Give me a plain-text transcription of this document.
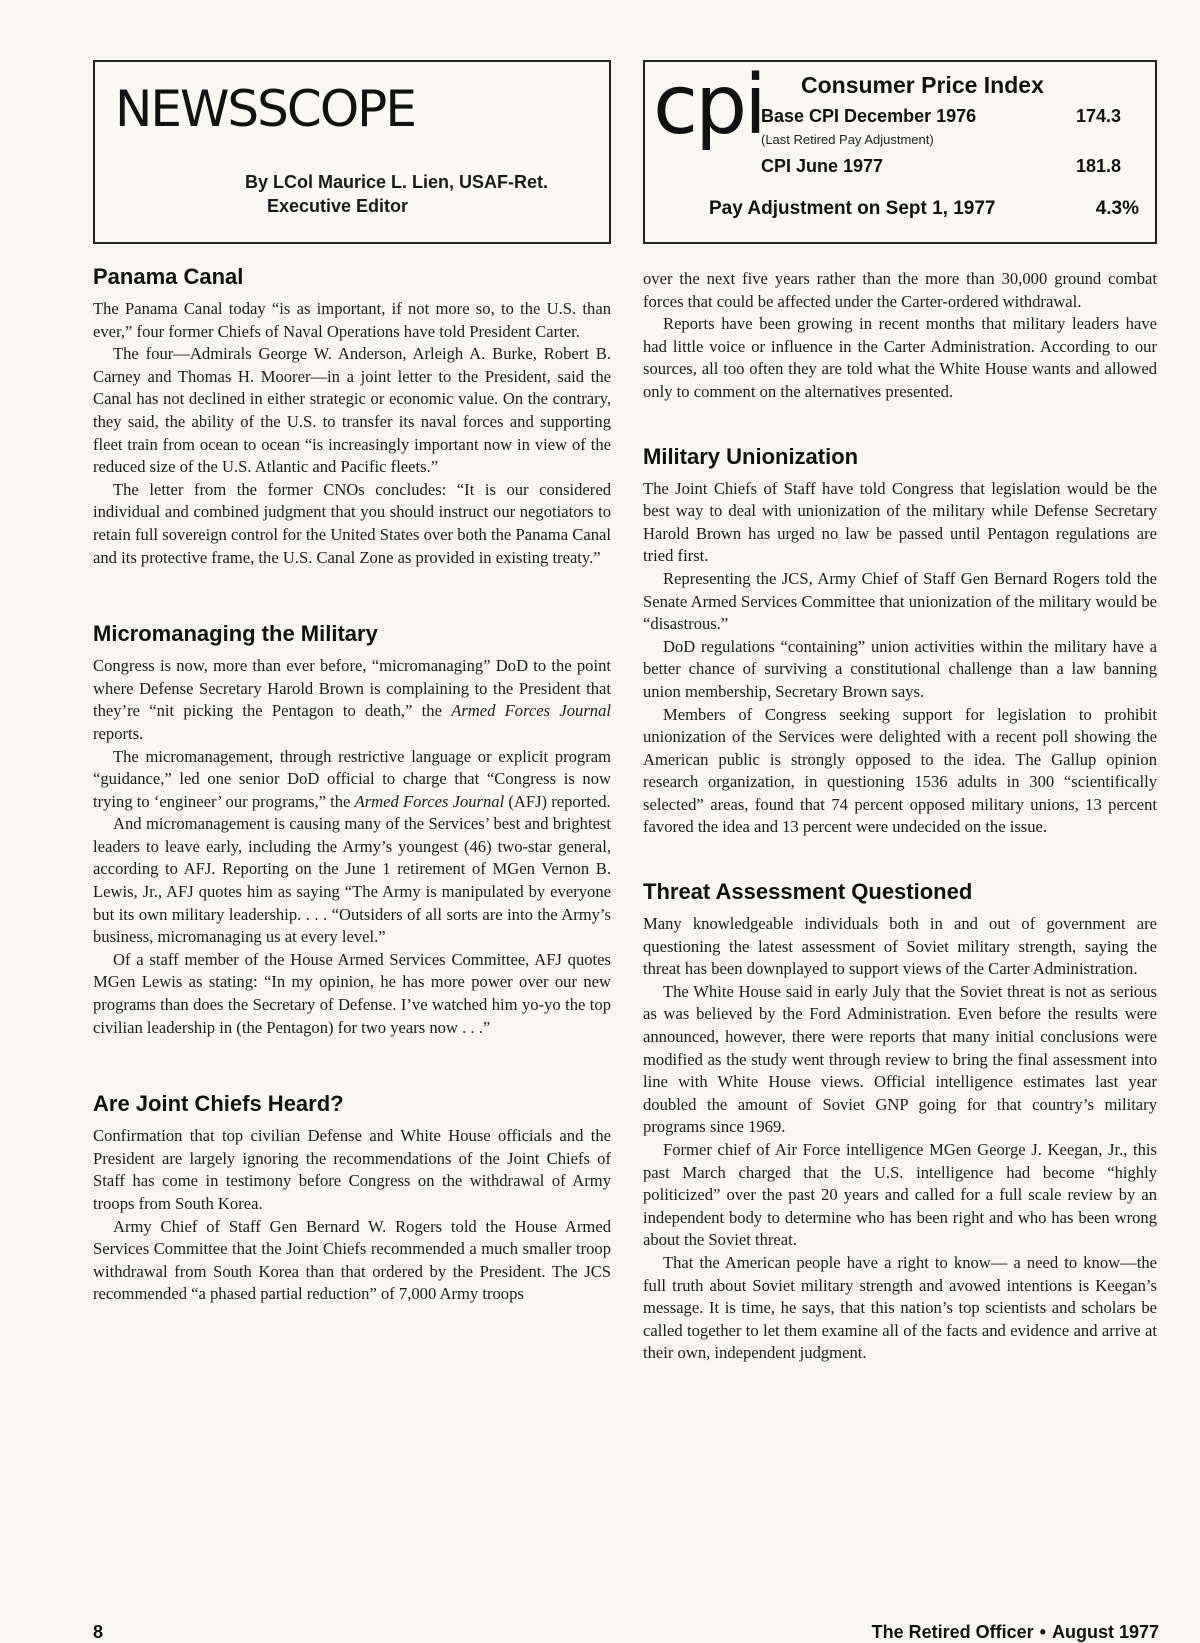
NEWSSCOPE
By LCol Maurice L. Lien, USAF-Ret.
Executive Editor
Panama Canal

The Panama Canal today “is as important, if not more so, to the U.S. than ever,” four former Chiefs of Naval Operations have told President Carter.

The four—Admirals George W. Anderson, Arleigh A. Burke, Robert B. Carney and Thomas H. Moorer—in a joint letter to the President, said the Canal has not declined in either strategic or economic value. On the contrary, they said, the ability of the U.S. to transfer its naval forces and supporting fleet train from ocean to ocean “is increasingly important now in view of the reduced size of the U.S. Atlantic and Pacific fleets.”

The letter from the former CNOs concludes: “It is our considered individual and combined judgment that you should instruct our negotiators to retain full sovereign control for the United States over both the Panama Canal and its protective frame, the U.S. Canal Zone as provided in existing treaty.”

Micromanaging the Military

Congress is now, more than ever before, “micromanaging” DoD to the point where Defense Secretary Harold Brown is complaining to the President that they’re “nit picking the Pentagon to death,” the Armed Forces Journal reports.

The micromanagement, through restrictive language or explicit program “guidance,” led one senior DoD official to charge that “Congress is now trying to ‘engineer’ our programs,” the Armed Forces Journal (AFJ) reported.

And micromanagement is causing many of the Services’ best and brightest leaders to leave early, including the Army’s youngest (46) two-star general, according to AFJ. Reporting on the June 1 retirement of MGen Vernon B. Lewis, Jr., AFJ quotes him as saying “The Army is manipulated by everyone but its own military leadership. . . . “Outsiders of all sorts are into the Army’s business, micromanaging us at every level.”

Of a staff member of the House Armed Services Committee, AFJ quotes MGen Lewis as stating: “In my opinion, he has more power over our new programs than does the Secretary of Defense. I’ve watched him yo-yo the top civilian leadership in (the Pentagon) for two years now . . .”

Are Joint Chiefs Heard?

Confirmation that top civilian Defense and White House officials and the President are largely ignoring the recommendations of the Joint Chiefs of Staff has come in testimony before Congress on the withdrawal of Army troops from South Korea.

Army Chief of Staff Gen Bernard W. Rogers told the House Armed Services Committee that the Joint Chiefs recommended a much smaller troop withdrawal from South Korea than that ordered by the President. The JCS recommended “a phased partial reduction” of 7,000 Army troops

cpi Consumer Price Index
Base CPI December 1976	174.3
(Last Retired Pay Adjustment)
CPI June 1977	181.8
Pay Adjustment on Sept 1, 1977	4.3%

over the next five years rather than the more than 30,000 ground combat forces that could be affected under the Carter-ordered withdrawal.

Reports have been growing in recent months that military leaders have had little voice or influence in the Carter Administration. According to our sources, all too often they are told what the White House wants and allowed only to comment on the alternatives presented.

Military Unionization

The Joint Chiefs of Staff have told Congress that legislation would be the best way to deal with unionization of the military while Defense Secretary Harold Brown has urged no law be passed until Pentagon regulations are tried first.

Representing the JCS, Army Chief of Staff Gen Bernard Rogers told the Senate Armed Services Committee that unionization of the military would be “disastrous.”

DoD regulations “containing” union activities within the military have a better chance of surviving a constitutional challenge than a law banning union membership, Secretary Brown says.

Members of Congress seeking support for legislation to prohibit unionization of the Services were delighted with a recent poll showing the American public is strongly opposed to the idea. The Gallup opinion research organization, in questioning 1536 adults in 300 “scientifically selected” areas, found that 74 percent opposed military unions, 13 percent favored the idea and 13 percent were undecided on the issue.

Threat Assessment Questioned

Many knowledgeable individuals both in and out of government are questioning the latest assessment of Soviet military strength, saying the threat has been downplayed to support views of the Carter Administration.

The White House said in early July that the Soviet threat is not as serious as was believed by the Ford Administration. Even before the results were announced, however, there were reports that many initial conclusions were modified as the study went through review to bring the final assessment into line with White House views. Official intelligence estimates last year doubled the amount of Soviet GNP going for that country’s military programs since 1969.

Former chief of Air Force intelligence MGen George J. Keegan, Jr., this past March charged that the U.S. intelligence had become “highly politicized” over the past 20 years and called for a full scale review by an independent body to determine who has been right and who has been wrong about the Soviet threat.

That the American people have a right to know— a need to know—the full truth about Soviet military strength and avowed intentions is Keegan’s message. It is time, he says, that this nation’s top scientists and scholars be called together to let them examine all of the facts and evidence and arrive at their own, independent judgment.

8	The Retired Officer • August 1977
